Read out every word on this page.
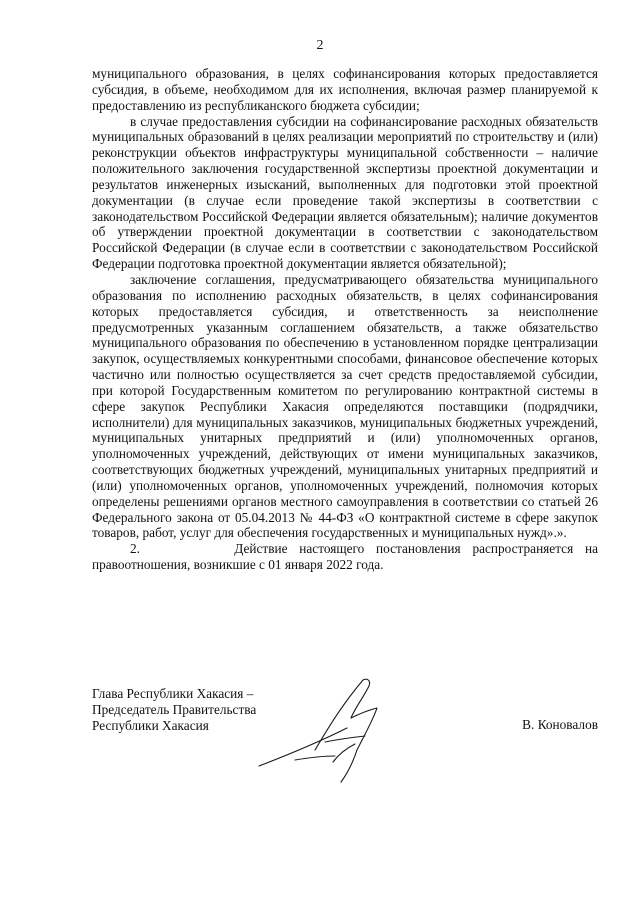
2

муниципального образования, в целях софинансирования которых предоставляется субсидия, в объеме, необходимом для их исполнения, включая размер планируемой к предоставлению из республиканского бюджета субсидии;

в случае предоставления субсидии на софинансирование расходных обязательств муниципальных образований в целях реализации мероприятий по строительству и (или) реконструкции объектов инфраструктуры муниципальной собственности – наличие положительного заключения государственной экспертизы проектной документации и результатов инженерных изысканий, выполненных для подготовки этой проектной документации (в случае если проведение такой экспертизы в соответствии с законодательством Российской Федерации является обязательным); наличие документов об утверждении проектной документации в соответствии с законодательством Российской Федерации (в случае если в соответствии с законодательством Российской Федерации подготовка проектной документации является обязательной);

заключение соглашения, предусматривающего обязательства муниципального образования по исполнению расходных обязательств, в целях софинансирования которых предоставляется субсидия, и ответственность за неисполнение предусмотренных указанным соглашением обязательств, а также обязательство муниципального образования по обеспечению в установленном порядке централизации закупок, осуществляемых конкурентными способами, финансовое обеспечение которых частично или полностью осуществляется за счет средств предоставляемой субсидии, при которой Государственным комитетом по регулированию контрактной системы в сфере закупок Республики Хакасия определяются поставщики (подрядчики, исполнители) для муниципальных заказчиков, муниципальных бюджетных учреждений, муниципальных унитарных предприятий и (или) уполномоченных органов, уполномоченных учреждений, действующих от имени муниципальных заказчиков, соответствующих бюджетных учреждений, муниципальных унитарных предприятий и (или) уполномоченных органов, уполномоченных учреждений, полномочия которых определены решениями органов местного самоуправления в соответствии со статьей 26 Федерального закона от 05.04.2013 № 44-ФЗ «О контрактной системе в сфере закупок товаров, работ, услуг для обеспечения государственных и муниципальных нужд».».

2.        Действие настоящего постановления распространяется на правоотношения, возникшие с 01 января 2022 года.

Глава Республики Хакасия –
Председатель Правительства
Республики Хакасия	В. Коновалов
